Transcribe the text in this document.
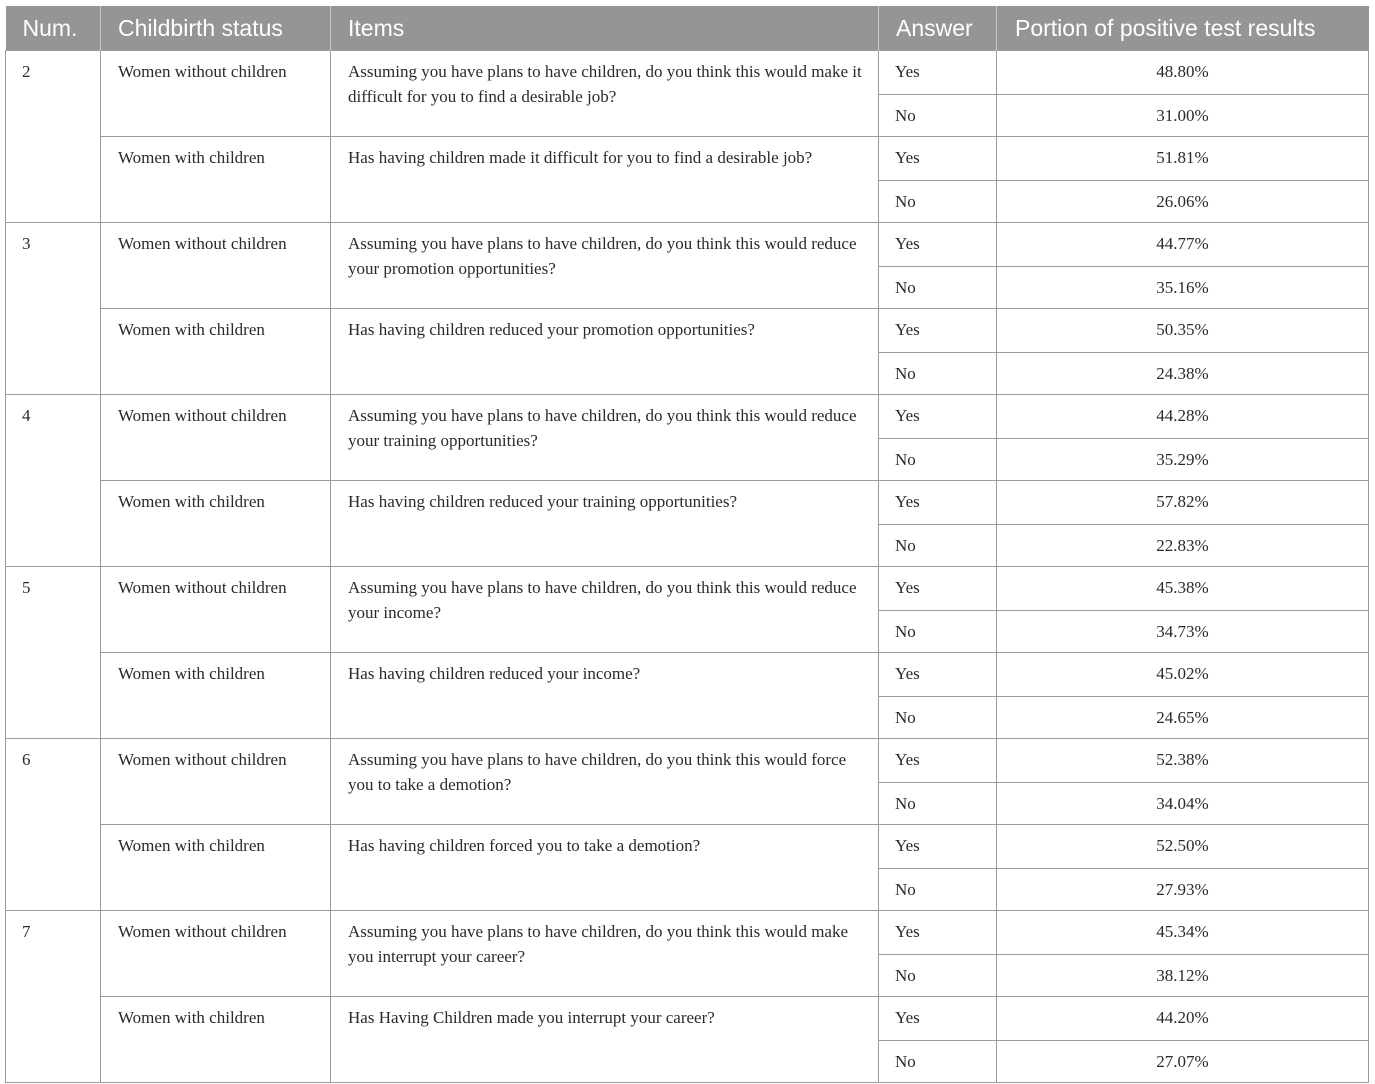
Num.	Childbirth status	Items	Answer	Portion of positive test results
2	Women without children	Assuming you have plans to have children, do you think this would make it difficult for you to find a desirable job?	Yes	48.80%
			No	31.00%
	Women with children	Has having children made it difficult for you to find a desirable job?	Yes	51.81%
			No	26.06%
3	Women without children	Assuming you have plans to have children, do you think this would reduce your promotion opportunities?	Yes	44.77%
			No	35.16%
	Women with children	Has having children reduced your promotion opportunities?	Yes	50.35%
			No	24.38%
4	Women without children	Assuming you have plans to have children, do you think this would reduce your training opportunities?	Yes	44.28%
			No	35.29%
	Women with children	Has having children reduced your training opportunities?	Yes	57.82%
			No	22.83%
5	Women without children	Assuming you have plans to have children, do you think this would reduce your income?	Yes	45.38%
			No	34.73%
	Women with children	Has having children reduced your income?	Yes	45.02%
			No	24.65%
6	Women without children	Assuming you have plans to have children, do you think this would force you to take a demotion?	Yes	52.38%
			No	34.04%
	Women with children	Has having children forced you to take a demotion?	Yes	52.50%
			No	27.93%
7	Women without children	Assuming you have plans to have children, do you think this would make you interrupt your career?	Yes	45.34%
			No	38.12%
	Women with children	Has Having Children made you interrupt your career?	Yes	44.20%
			No	27.07%
